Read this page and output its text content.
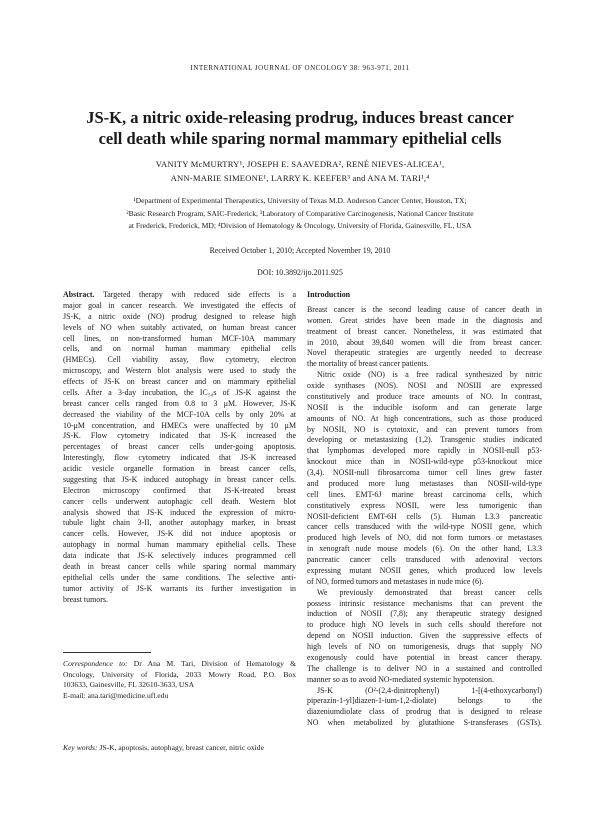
INTERNATIONAL JOURNAL OF ONCOLOGY 38: 963-971, 2011
JS-K, a nitric oxide-releasing prodrug, induces breast cancer
cell death while sparing normal mammary epithelial cells
VANITY McMURTRY¹, JOSEPH E. SAAVEDRA², RENÉ NIEVES-ALICEA¹,
ANN-MARIE SIMEONE¹, LARRY K. KEEFER³ and ANA M. TARI¹,⁴
¹Department of Experimental Therapeutics, University of Texas M.D. Anderson Cancer Center, Houston, TX;
²Basic Research Program, SAIC-Frederick, ³Laboratory of Comparative Carcinogenesis, National Cancer Institute
at Frederick, Frederick, MD; ⁴Division of Hematology & Oncology, University of Florida, Gainesville, FL, USA
Received October 1, 2010; Accepted November 19, 2010
DOI: 10.3892/ijo.2011.925
Abstract. Targeted therapy with reduced side effects is a
major goal in cancer research. We investigated the effects of
JS-K, a nitric oxide (NO) prodrug designed to release high
levels of NO when suitably activated, on human breast cancer
cell lines, on non-transformed human MCF-10A mammary
cells, and on normal human mammary epithelial cells
(HMECs). Cell viability assay, flow cytometry, electron
microscopy, and Western blot analysis were used to study the
effects of JS-K on breast cancer and on mammary epithelial
cells. After a 3-day incubation, the IC₅₀s of JS-K against the
breast cancer cells ranged from 0.8 to 3 μM. However, JS-K
decreased the viability of the MCF-10A cells by only 20% at
10-μM concentration, and HMECs were unaffected by 10 μM
JS-K. Flow cytometry indicated that JS-K increased the
percentages of breast cancer cells under-going apoptosis.
Interestingly, flow cytometry indicated that JS-K increased
acidic vesicle organelle formation in breast cancer cells,
suggesting that JS-K induced autophagy in breast cancer cells.
Electron microscopy confirmed that JS-K-treated breast
cancer cells underwent autophagic cell death. Western blot
analysis showed that JS-K induced the expression of micro-
tubule light chain 3-II, another autophagy marker, in breast
cancer cells. However, JS-K did not induce apoptosis or
autophagy in normal human mammary epithelial cells. These
data indicate that JS-K selectively induces programmed cell
death in breast cancer cells while sparing normal mammary
epithelial cells under the same conditions. The selective anti-
tumor activity of JS-K warrants its further investigation in
breast tumors.
Introduction
Breast cancer is the second leading cause of cancer death in
women. Great strides have been made in the diagnosis and
treatment of breast cancer. Nonetheless, it was estimated that
in 2010, about 39,840 women will die from breast cancer.
Novel therapeutic strategies are urgently needed to decrease
the mortality of breast cancer patients.
Nitric oxide (NO) is a free radical synthesized by nitric
oxide synthases (NOS). NOSI and NOSIII are expressed
constitutively and produce trace amounts of NO. In contrast,
NOSII is the inducible isoform and can generate large
amounts of NO. At high concentrations, such as those produced
by NOSII, NO is cytotoxic, and can prevent tumors from
developing or metastasizing (1,2). Transgenic studies indicated
that lymphomas developed more rapidly in NOSII-null p53-
knockout mice than in NOSII-wild-type p53-knockout mice
(3,4). NOSII-null fibrosarcoma tumor cell lines grew faster
and produced more lung metastases than NOSII-wild-type
cell lines. EMT-6J marine breast carcinoma cells, which
constitutively express NOSII, were less tumorigenic than
NOSII-deficient EMT-6H cells (5). Human L3.3 pancreatic
cancer cells transduced with the wild-type NOSII gene, which
produced high levels of NO, did not form tumors or metastases
in xenograft nude mouse models (6). On the other hand, L3.3
pancreatic cancer cells transduced with adenoviral vectors
expressing mutant NOSII genes, which produced low levels
of NO, formed tumors and metastases in nude mice (6).
We previously demonstrated that breast cancer cells
possess intrinsic resistance mechanisms that can prevent the
induction of NOSII (7,8); any therapeutic strategy designed
to produce high NO levels in such cells should therefore not
depend on NOSII induction. Given the suppressive effects of
high levels of NO on tumorigenesis, drugs that supply NO
exogenously could have potential in breast cancer therapy.
The challenge is to deliver NO in a sustained and controlled
manner so as to avoid NO-mediated systemic hypotension.
JS-K (O²-(2,4-dinitrophenyl) 1-[(4-ethoxycarbonyl)
piperazin-1-yl]diazen-1-ium-1,2-diolate) belongs to the
diazeniumdiolate class of prodrug that is designed to release
NO when metabolized by glutathione S-transferases (GSTs).
Correspondence to: Dr Ana M. Tari, Division of Hematology &
Oncology, University of Florida, 2033 Mowry Road, P.O. Box
103633, Gainesville, FL 32610-3633, USA
E-mail: ana.tari@medicine.ufl.edu
Key words: JS-K, apoptosis, autophagy, breast cancer, nitric oxide
